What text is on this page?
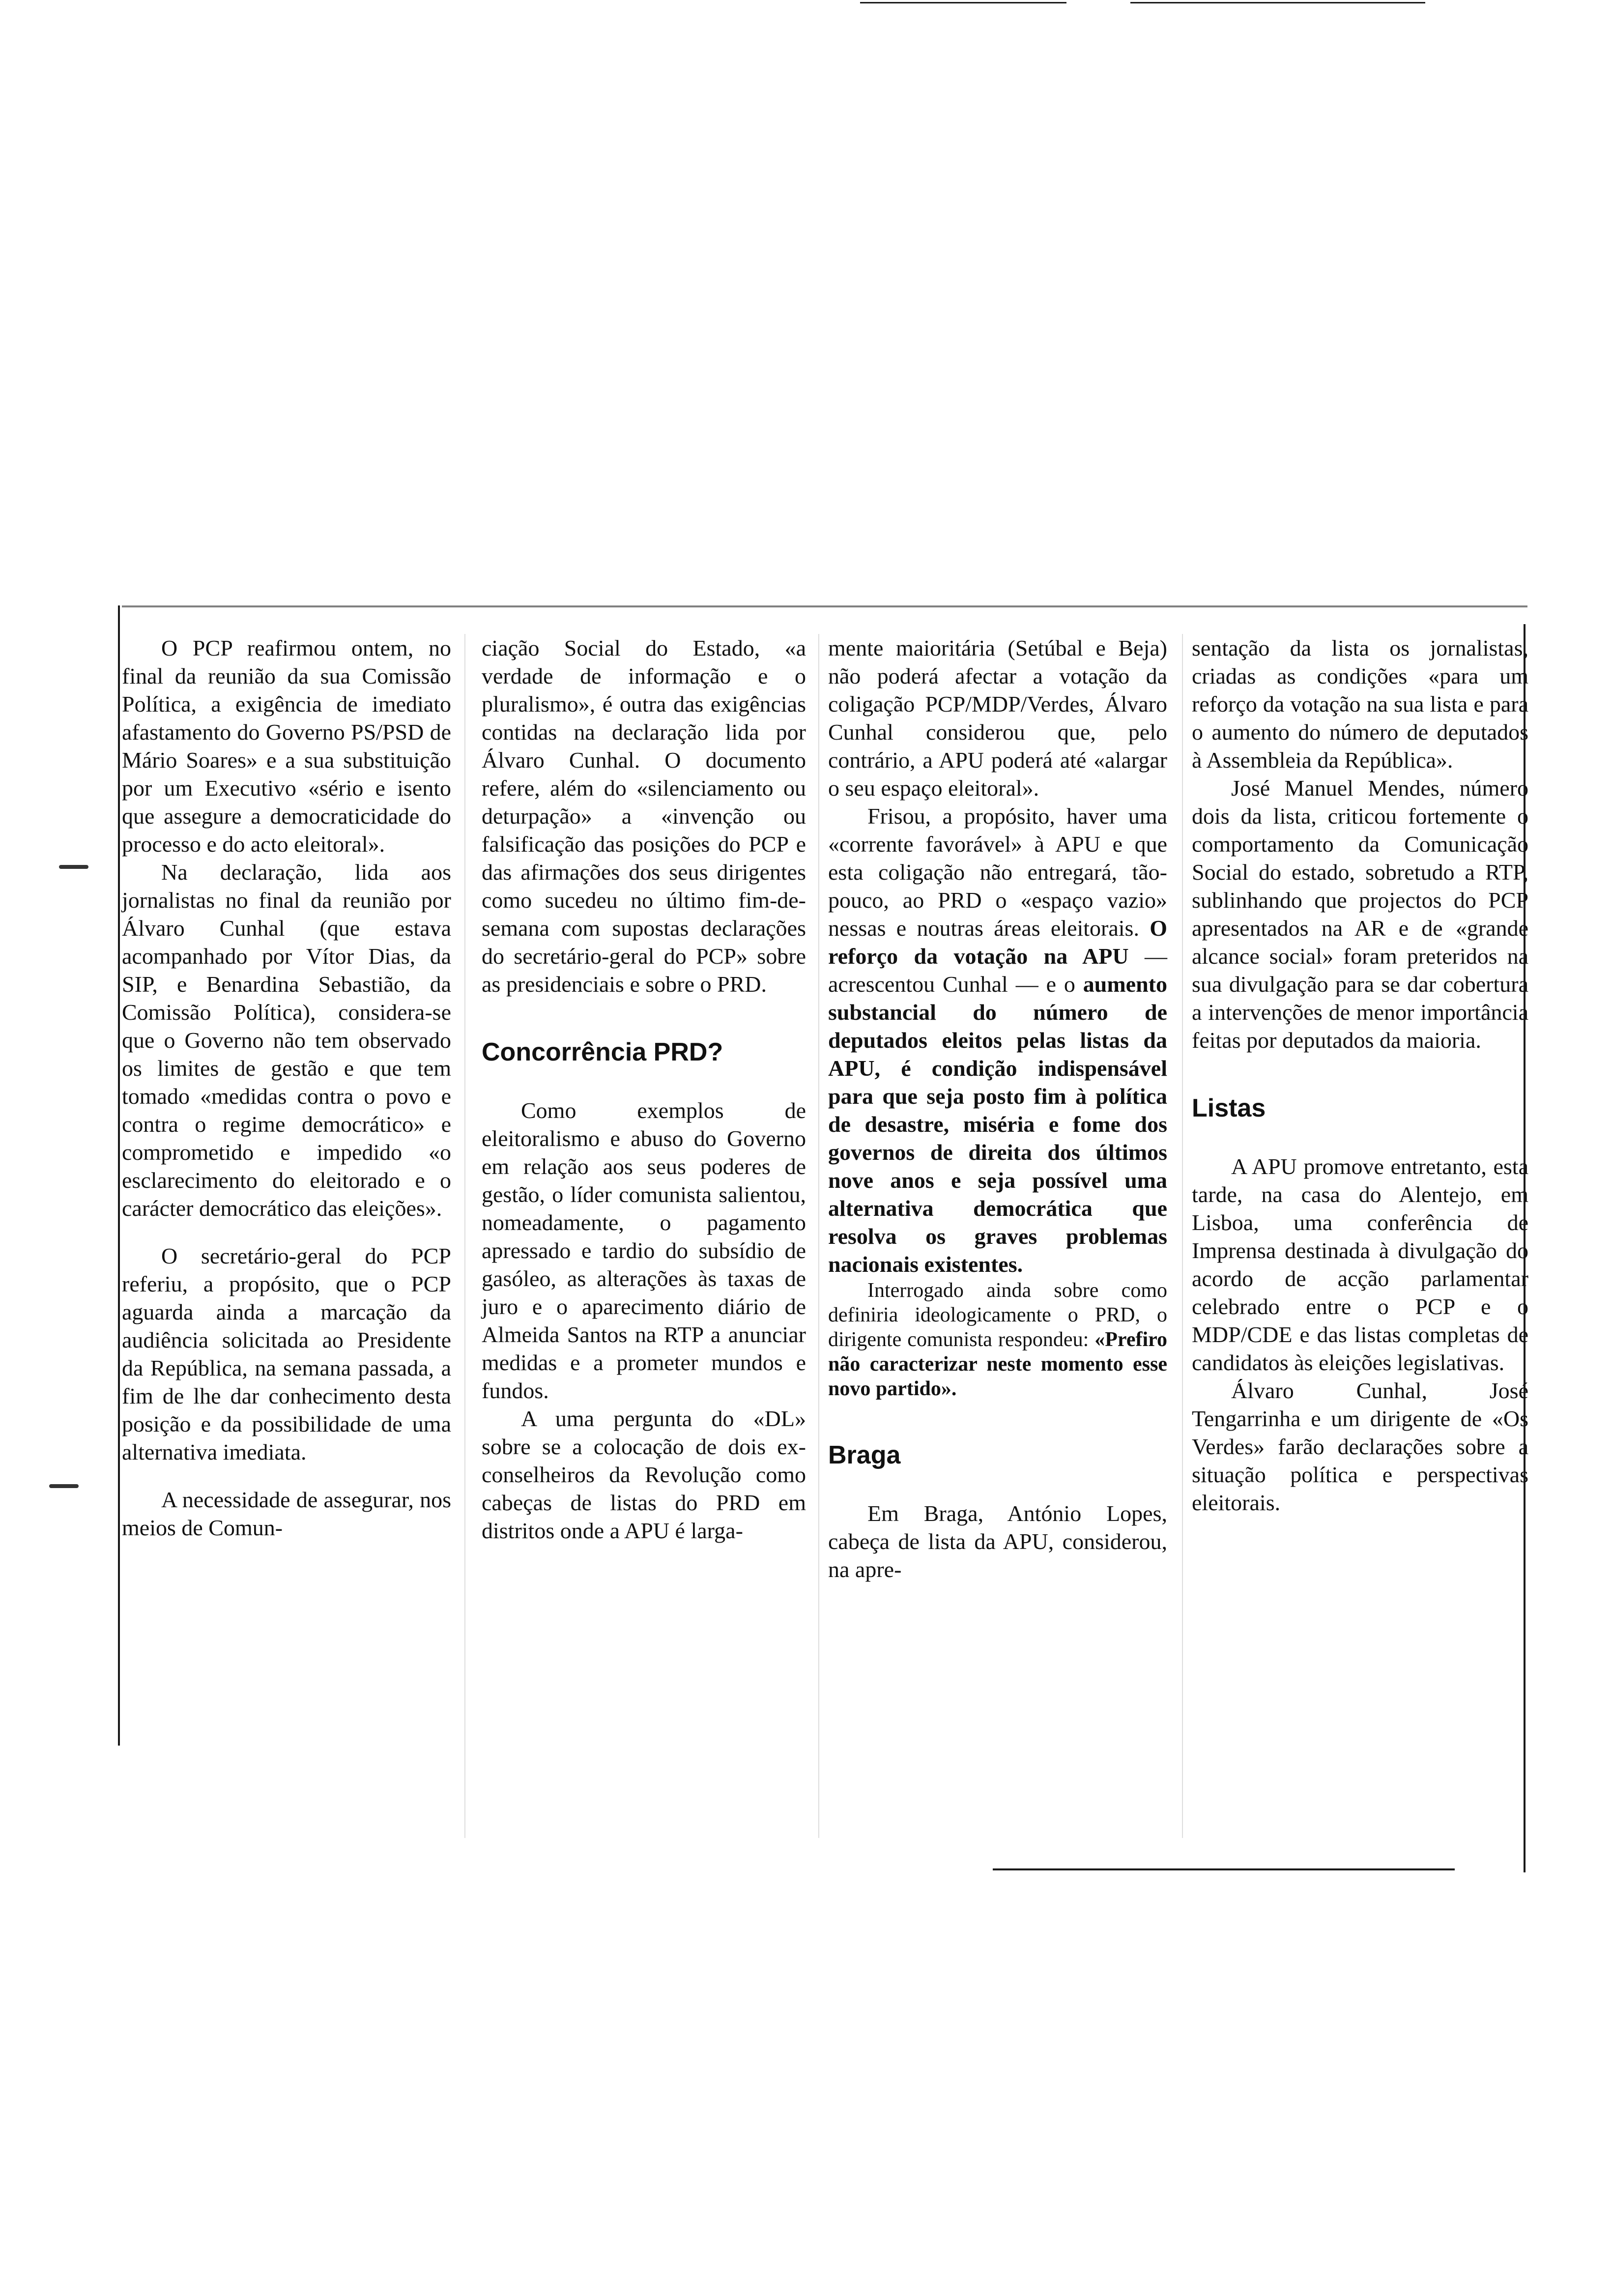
O PCP reafirmou ontem, no final da reunião da sua Comissão Política, a exigência de imediato afastamento do Governo PS/PSD de Mário Soares» e a sua substituição por um Executivo «sério e isento que assegure a democraticidade do processo e do acto eleitoral».

Na declaração, lida aos jornalistas no final da reunião por Álvaro Cunhal (que estava acompanhado por Vítor Dias, da SIP, e Benardina Sebastião, da Comissão Política), considera-se que o Governo não tem observado os limites de gestão e que tem tomado «medidas contra o povo e contra o regime democrático» e comprometido e impedido «o esclarecimento do eleitorado e o carácter democrático das eleições».

O secretário-geral do PCP referiu, a propósito, que o PCP aguarda ainda a marcação da audiência solicitada ao Presidente da República, na semana passada, a fim de lhe dar conhecimento desta posição e da possibilidade de uma alternativa imediata.

A necessidade de assegurar, nos meios de Comun-

ciação Social do Estado, «a verdade de informação e o pluralismo», é outra das exigências contidas na declaração lida por Álvaro Cunhal. O documento refere, além do «silenciamento ou deturpação» a «invenção ou falsificação das posições do PCP e das afirmações dos seus dirigentes como sucedeu no último fim-de-semana com supostas declarações do secretário-geral do PCP» sobre as presidenciais e sobre o PRD.

Concorrência PRD?

Como exemplos de eleitoralismo e abuso do Governo em relação aos seus poderes de gestão, o líder comunista salientou, nomeadamente, o pagamento apressado e tardio do subsídio de gasóleo, as alterações às taxas de juro e o aparecimento diário de Almeida Santos na RTP a anunciar medidas e a prometer mundos e fundos.

A uma pergunta do «DL» sobre se a colocação de dois ex-conselheiros da Revolução como cabeças de listas do PRD em distritos onde a APU é larga-

mente maioritária (Setúbal e Beja) não poderá afectar a votação da coligação PCP/MDP/Verdes, Álvaro Cunhal considerou que, pelo contrário, a APU poderá até «alargar o seu espaço eleitoral».

Frisou, a propósito, haver uma «corrente favorável» à APU e que esta coligação não entregará, tão-pouco, ao PRD o «espaço vazio» nessas e noutras áreas eleitorais. O reforço da votação na APU — acrescentou Cunhal — e o aumento substancial do número de deputados eleitos pelas listas da APU, é condição indispensável para que seja posto fim à política de desastre, miséria e fome dos governos de direita dos últimos nove anos e seja possível uma alternativa democrática que resolva os graves problemas nacionais existentes.

Interrogado ainda sobre como definiria ideologicamente o PRD, o dirigente comunista respondeu: «Prefiro não caracterizar neste momento esse novo partido».

Braga

Em Braga, António Lopes, cabeça de lista da APU, considerou, na apre-

sentação da lista os jornalistas, criadas as condições «para um reforço da votação na sua lista e para o aumento do número de deputados à Assembleia da República».

José Manuel Mendes, número dois da lista, criticou fortemente o comportamento da Comunicação Social do estado, sobretudo a RTP, sublinhando que projectos do PCP apresentados na AR e de «grande alcance social» foram preteridos na sua divulgação para se dar cobertura a intervenções de menor importância feitas por deputados da maioria.

Listas

A APU promove entretanto, esta tarde, na casa do Alentejo, em Lisboa, uma conferência de Imprensa destinada à divulgação do acordo de acção parlamentar celebrado entre o PCP e o MDP/CDE e das listas completas de candidatos às eleições legislativas.

Álvaro Cunhal, José Tengarrinha e um dirigente de «Os Verdes» farão declarações sobre a situação política e perspectivas eleitorais.
